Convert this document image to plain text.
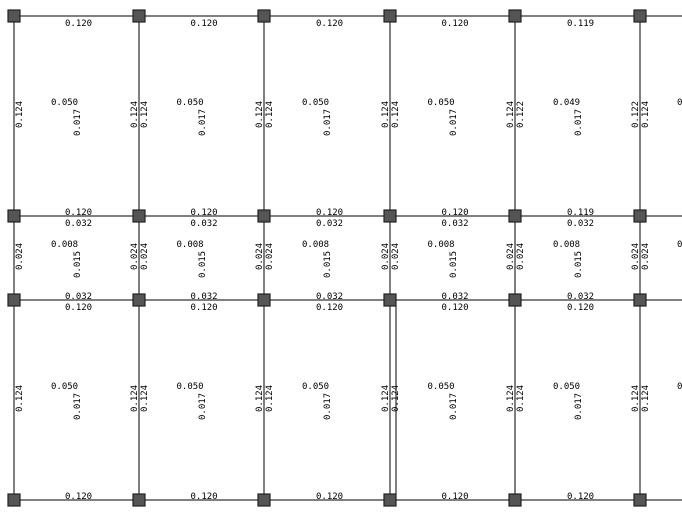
0.120
0.120
0.050
0.017
0.124	0.124
0.120
0.120
0.050
0.017
0.124	0.124
0.120
0.120
0.050
0.017
0.124	0.124
0.120
0.120
0.050
0.017
0.124	0.124
0.119
0.119
0.049
0.017
0.122	0.122 0.124	0
0.032
0.032
0.008
0.015
0.024	0.024
0.032
0.032
0.008
0.015
0.024	0.024
0.032
0.032
0.008
0.015
0.024	0.024
0.032
0.032
0.008
0.015
0.024	0.024
0.032
0.032
0.008
0.015
0.024	0.024 0.024	0
0.120
0.120
0.050
0.017
0.124	0.124
0.120
0.120
0.050
0.017
0.124	0.124
0.120
0.120
0.050
0.017
0.124	0.124
0.120
0.120
0.050
0.017
0.124	0.124
0.120
0.120
0.050
0.017
0.124	0.124 0.124	0
